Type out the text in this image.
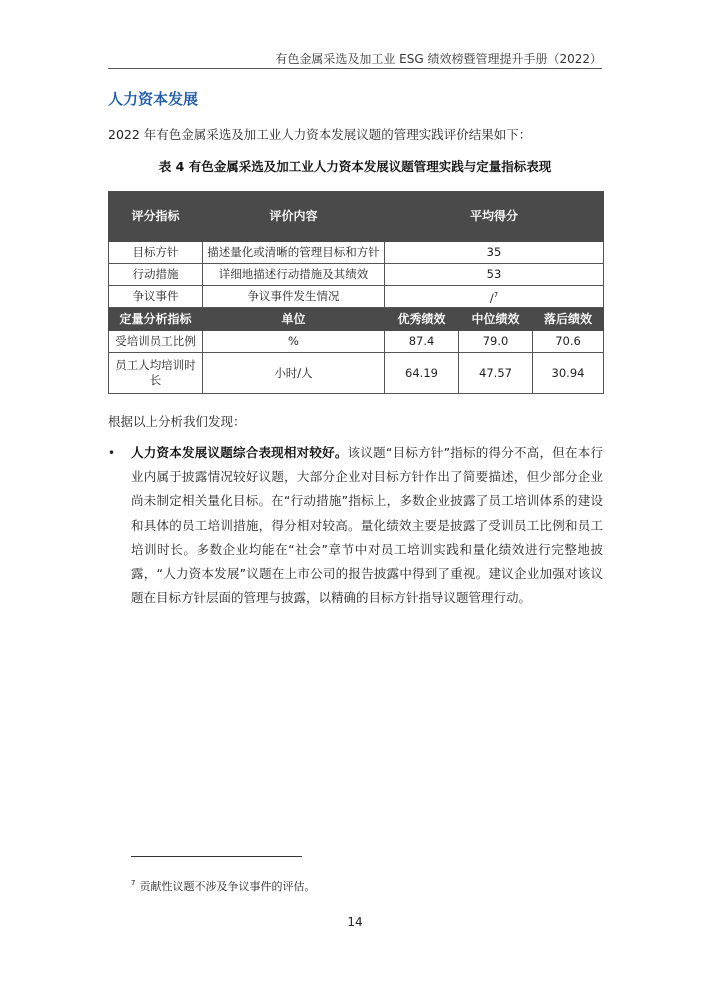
有色金属采选及加工业 ESG 绩效榜暨管理提升手册（2022）
人力资本发展
2022 年有色金属采选及加工业人力资本发展议题的管理实践评价结果如下：
表 4 有色金属采选及加工业人力资本发展议题管理实践与定量指标表现
评分指标	评价内容	平均得分		
目标方针	描述量化或清晰的管理目标和方针	35		
行动措施	详细地描述行动措施及其绩效	53		
争议事件	争议事件发生情况	/$^7$
定量分析指标	单位	优秀绩效	中位绩效	落后绩效
受培训员工比例	%	87.4	79.0	70.6
员工人均培训时长	小时/人	64.19	47.57	30.94
根据以上分析我们发现：
• 人力资本发展议题综合表现相对较好。该议题“目标方针”指标的得分不高，但在本行业内属于披露情况较好议题，大部分企业对目标方针作出了简要描述，但少部分企业尚未制定相关量化目标。在“行动措施”指标上，多数企业披露了员工培训体系的建设和具体的员工培训措施，得分相对较高。量化绩效主要是披露了受训员工比例和员工培训时长。多数企业均能在“社会”章节中对员工培训实践和量化绩效进行完整地披露，“人力资本发展”议题在上市公司的报告披露中得到了重视。建议企业加强对该议题在目标方针层面的管理与披露，以精确的目标方针指导议题管理行动。
$^7$ 贡献性议题不涉及争议事件的评估。
14
